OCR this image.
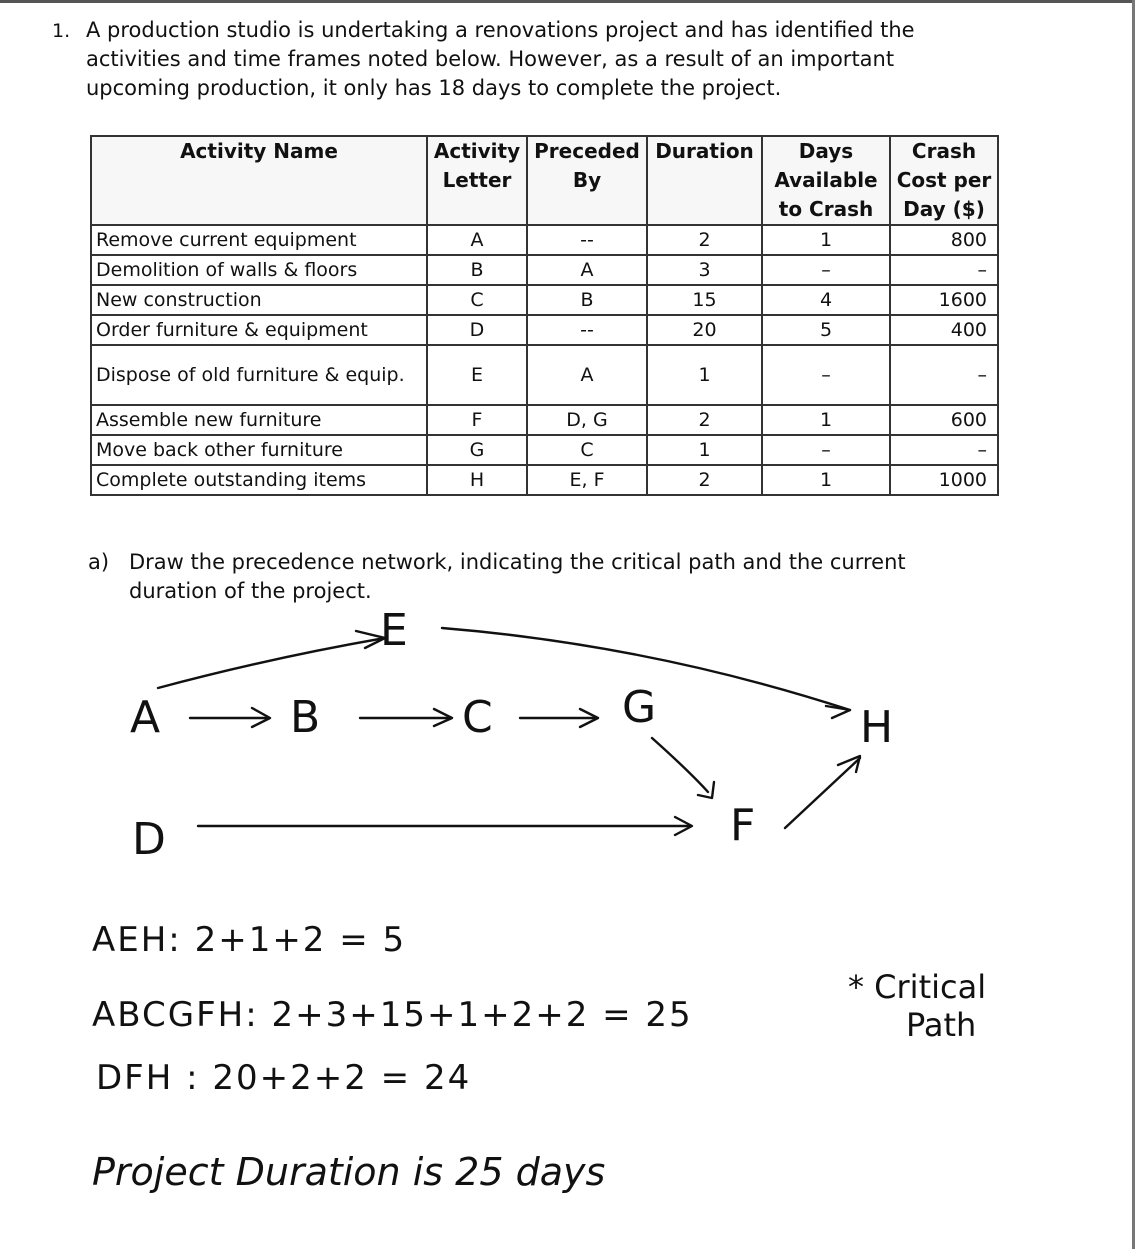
1. A production studio is undertaking a renovations project and has identified the activities and time frames noted below. However, as a result of an important upcoming production, it only has 18 days to complete the project.
Activity Name	Activity Letter	Preceded By	Duration	Days Available to Crash	Crash Cost per Day ($)
Remove current equipment	A	--	2	1	800
Demolition of walls & floors	B	A	3	–	–
New construction	C	B	15	4	1600
Order furniture & equipment	D	--	20	5	400
Dispose of old furniture & equip.	E	A	1	–	–
Assemble new furniture	F	D, G	2	1	600
Move back other furniture	G	C	1	–	–
Complete outstanding items	H	E, F	2	1	1000
a) Draw the precedence network, indicating the critical path and the current duration of the project.
E
A	B	C	G	H
D	F
AEH: 2+1+2 = 5
ABCGFH: 2+3+15+1+2+2 = 25
* Critical
Path
DFH : 20+2+2 = 24
Project Duration is 25 days
